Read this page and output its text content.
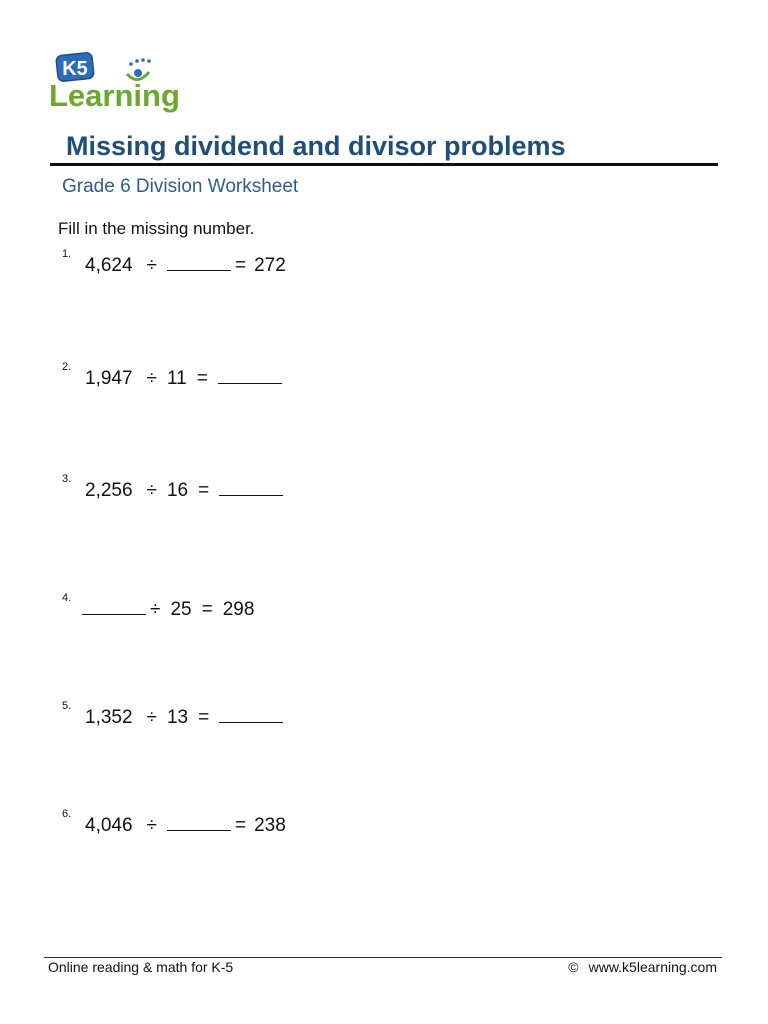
K5
Learning
Missing dividend and divisor problems
Grade 6 Division Worksheet
Fill in the missing number.
1.
4,624 ÷	= 272
2.
1,947 ÷ 11 =
3.
2,256 ÷ 16 =
4.
÷ 25 = 298
5.
1,352 ÷ 13 =
6.
4,046 ÷	= 238
Online reading & math for K-5	© www.k5learning.com
